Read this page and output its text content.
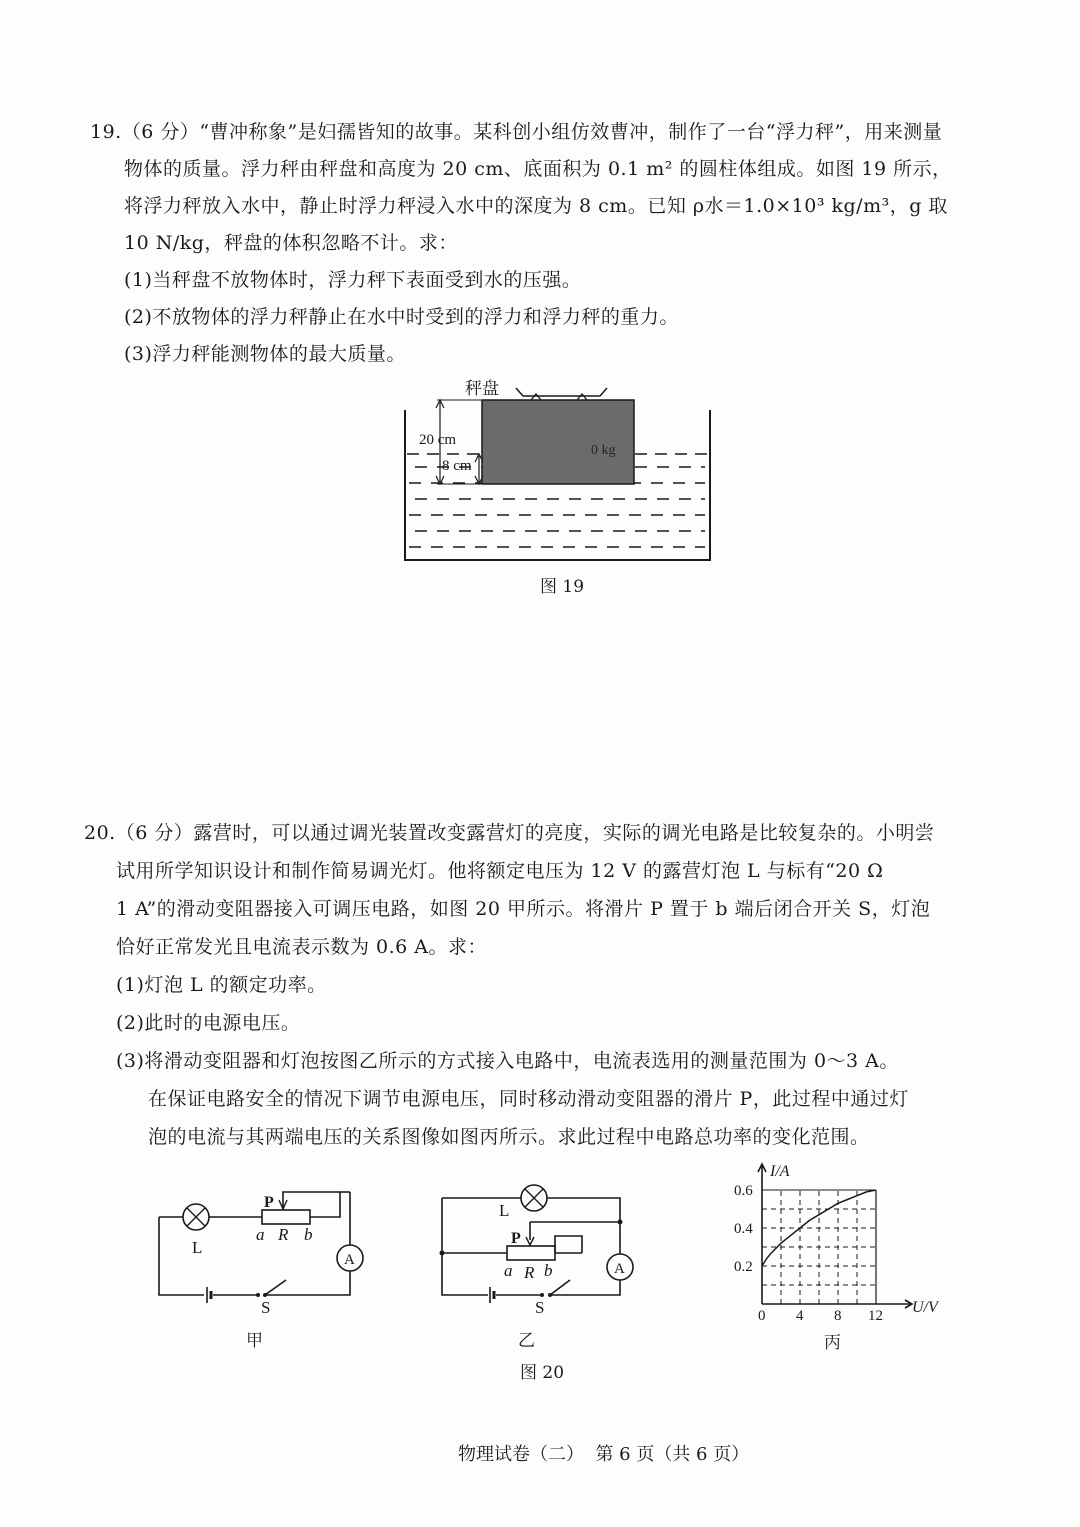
19.（6 分）“曹冲称象”是妇孺皆知的故事。某科创小组仿效曹冲，制作了一台“浮力秤”，用来测量
物体的质量。浮力秤由秤盘和高度为 20 cm、底面积为 0.1 m² 的圆柱体组成。如图 19 所示，
将浮力秤放入水中，静止时浮力秤浸入水中的深度为 8 cm。已知 ρ水＝1.0×10³ kg/m³，g 取
10 N/kg，秤盘的体积忽略不计。求：
(1)当秤盘不放物体时，浮力秤下表面受到水的压强。
(2)不放物体的浮力秤静止在水中时受到的浮力和浮力秤的重力。
(3)浮力秤能测物体的最大质量。
秤盘
20 cm
8 cm
0 kg
图 19
20.（6 分）露营时，可以通过调光装置改变露营灯的亮度，实际的调光电路是比较复杂的。小明尝
试用所学知识设计和制作简易调光灯。他将额定电压为 12 V 的露营灯泡 L 与标有“20 Ω
1 A”的滑动变阻器接入可调压电路，如图 20 甲所示。将滑片 P 置于 b 端后闭合开关 S，灯泡
恰好正常发光且电流表示数为 0.6 A。求：
(1)灯泡 L 的额定功率。
(2)此时的电源电压。
(3)将滑动变阻器和灯泡按图乙所示的方式接入电路中，电流表选用的测量范围为 0～3 A。
在保证电路安全的情况下调节电源电压，同时移动滑动变阻器的滑片 P，此过程中通过灯
泡的电流与其两端电压的关系图像如图丙所示。求此过程中电路总功率的变化范围。
L
P
a R b
A
S
甲
L
P
a R b	A
S
乙
0 4 8 12
0.2
0.4
0.6
I/A
U/V
丙
图 20
物理试卷（二）  第 6 页（共 6 页）
